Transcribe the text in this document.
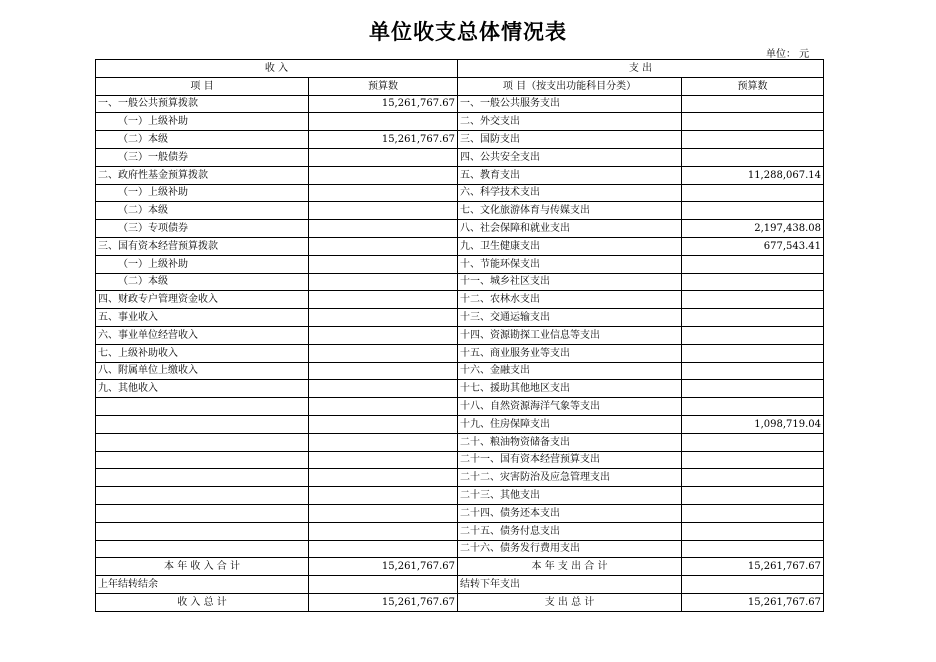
单位收支总体情况表
单位： 元
收 入		支 出	
项 目	预算数	项 目（按支出功能科目分类）	预算数
一、一般公共预算拨款	15,261,767.67	一、一般公共服务支出	
（一）上级补助		二、外交支出	
（二）本级	15,261,767.67	三、国防支出	
（三）一般债券		四、公共安全支出	
二、政府性基金预算拨款		五、教育支出	11,288,067.14
（一）上级补助		六、科学技术支出	
（二）本级		七、文化旅游体育与传媒支出	
（三）专项债券		八、社会保障和就业支出	2,197,438.08
三、国有资本经营预算拨款		九、卫生健康支出	677,543.41
（一）上级补助		十、节能环保支出	
（二）本级		十一、城乡社区支出	
四、财政专户管理资金收入		十二、农林水支出	
五、事业收入		十三、交通运输支出	
六、事业单位经营收入		十四、资源勘探工业信息等支出	
七、上级补助收入		十五、商业服务业等支出	
八、附属单位上缴收入		十六、金融支出	
九、其他收入		十七、援助其他地区支出	
		十八、自然资源海洋气象等支出	
		十九、住房保障支出	1,098,719.04
		二十、粮油物资储备支出	
		二十一、国有资本经营预算支出	
		二十二、灾害防治及应急管理支出	
		二十三、其他支出	
		二十四、债务还本支出	
		二十五、债务付息支出	
		二十六、债务发行费用支出	
本 年 收 入 合 计	15,261,767.67	本 年 支 出 合 计	15,261,767.67
上年结转结余		结转下年支出	
收 入 总 计	15,261,767.67	支 出 总 计	15,261,767.67
